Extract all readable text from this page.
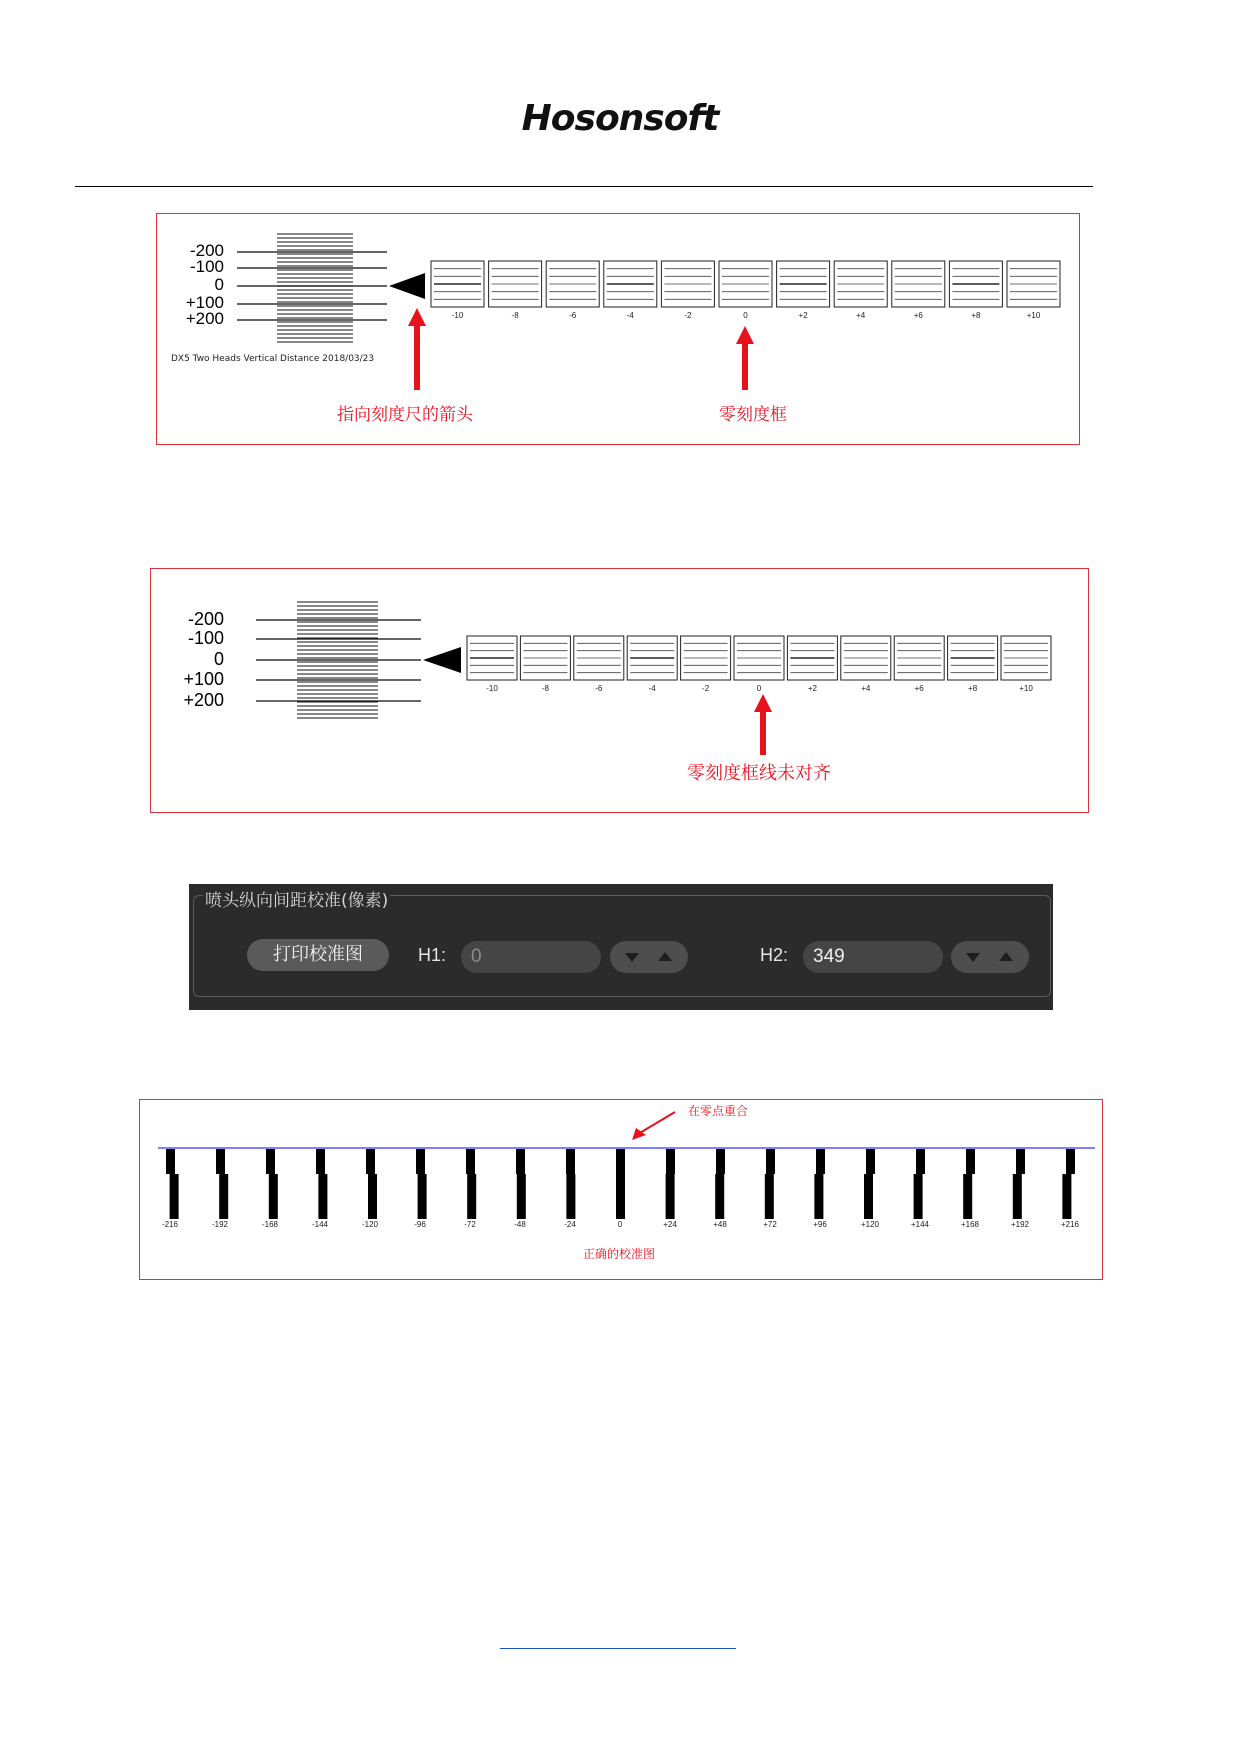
Hosonsoft
DX5 Two Heads Vertical Distance 2018/03/23
指向刻度尺的箭头	零刻度框
-200
-100
0
+100
+200	-10	-8	-6	-4	-2	0	+2	+4	+6	+8	+10
零刻度框线未对齐
-200
-100
0
+100
+200
-10	-8	-6	-4	-2	0	+2	+4	+6	+8	+10
喷头纵向间距校准(像素)
打印校准图	H1:	0	H2:	349
在零点重合
正确的校准图
-216	-192	-168	-144	-120	-96	-72	-48	-24	0	+24	+48	+72	+96	+120	+144	+168	+192	+216
